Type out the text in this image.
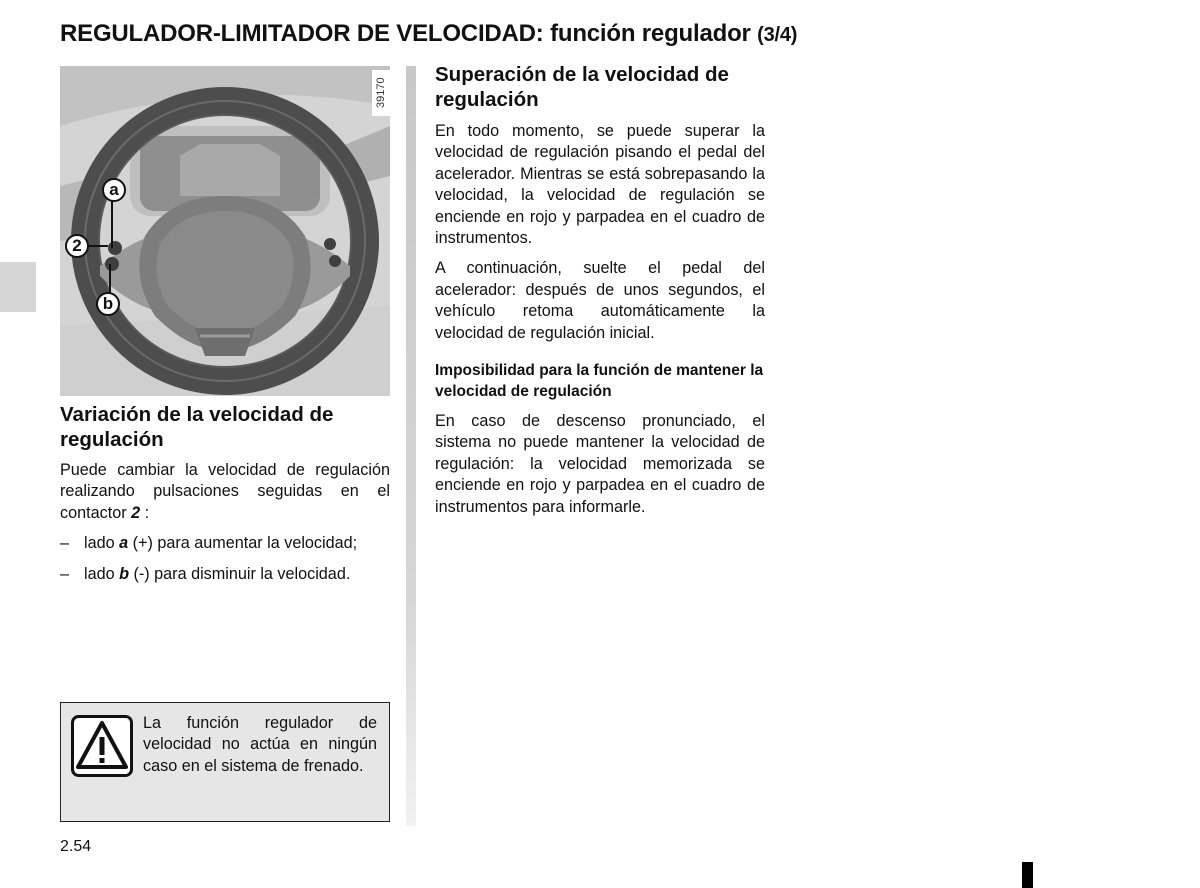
REGULADOR-LIMITADOR DE VELOCIDAD: función regulador (3/4)
a
2
b
39170
Variación de la velocidad de regulación

Puede cambiar la velocidad de regulación realizando pulsaciones seguidas en el contactor 2 :

– lado a (+) para aumentar la velocidad;
– lado b (-) para disminuir la velocidad.
Superación de la velocidad de regulación

En todo momento, se puede superar la velocidad de regulación pisando el pedal del acelerador. Mientras se está sobrepasando la velocidad, la velocidad de regulación se enciende en rojo y parpadea en el cuadro de instrumentos.

A continuación, suelte el pedal del acelerador: después de unos segundos, el vehículo retoma automáticamente la velocidad de regulación inicial.

Imposibilidad para la función de mantener la velocidad de regulación

En caso de descenso pronunciado, el sistema no puede mantener la velocidad de regulación: la velocidad memorizada se enciende en rojo y parpadea en el cuadro de instrumentos para informarle.

La función regulador de velocidad no actúa en ningún caso en el sistema de frenado.

2.54
